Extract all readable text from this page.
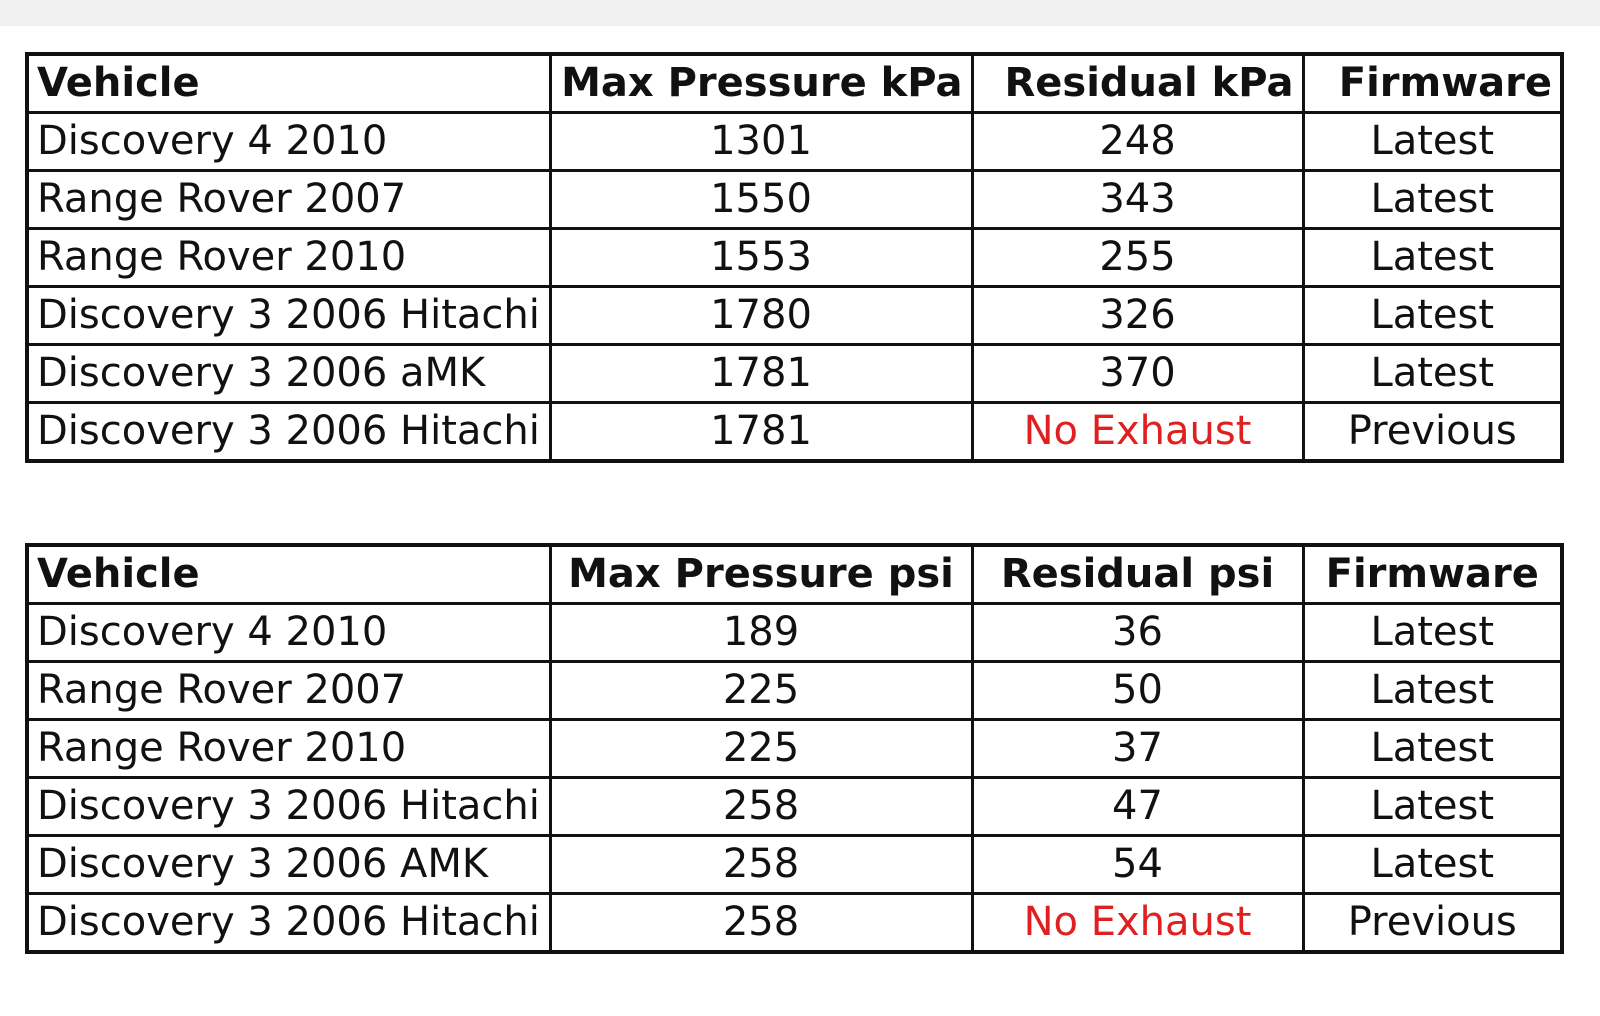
Vehicle	Max Pressure kPa	Residual kPa	Firmware
Discovery 4 2010	1301	248	Latest
Range Rover 2007	1550	343	Latest
Range Rover 2010	1553	255	Latest
Discovery 3 2006 Hitachi	1780	326	Latest
Discovery 3 2006 aMK	1781	370	Latest
Discovery 3 2006 Hitachi	1781	No Exhaust	Previous
Vehicle	Max Pressure psi	Residual psi	Firmware
Discovery 4 2010	189	36	Latest
Range Rover 2007	225	50	Latest
Range Rover 2010	225	37	Latest
Discovery 3 2006 Hitachi	258	47	Latest
Discovery 3 2006 AMK	258	54	Latest
Discovery 3 2006 Hitachi	258	No Exhaust	Previous
